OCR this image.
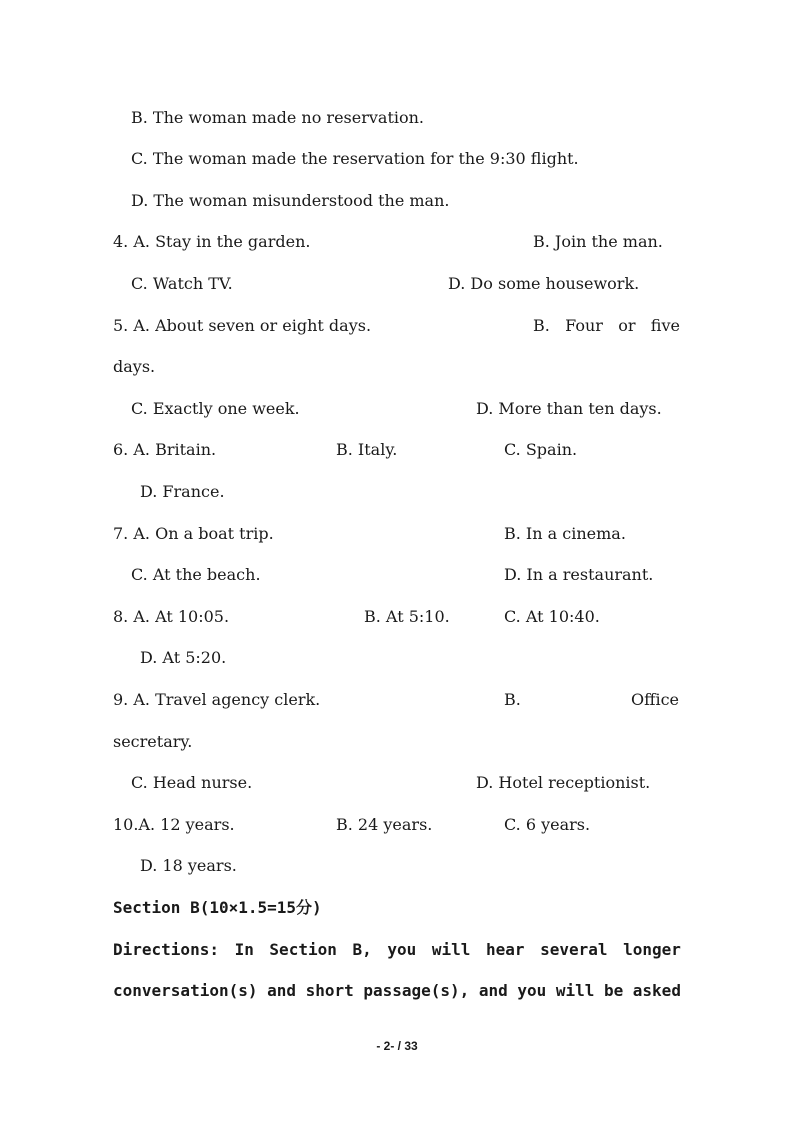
B. The woman made no reservation.
C. The woman made the reservation for the 9:30 flight.
D. The woman misunderstood the man.
4. A. Stay in the garden.	B. Join the man.
C. Watch TV.	D. Do some housework.
5. A. About seven or eight days.	B. Four or five
days.
C. Exactly one week.	D. More than ten days.
6. A. Britain.	B. Italy.	C. Spain.
D. France.
7. A. On a boat trip.	B. In a cinema.
C. At the beach.	D. In a restaurant.
8. A. At 10:05.	B. At 5:10.	C. At 10:40.
D. At 5:20.
9. A. Travel agency clerk.	B.	Office
secretary.
C. Head nurse.	D. Hotel receptionist.
10.A. 12 years.	B. 24 years.	C. 6 years.
D. 18 years.
Section B(10×1.5=15分)
Directions: In Section B, you will hear several longer
conversation(s) and short passage(s), and you will be asked
- 2- / 33
